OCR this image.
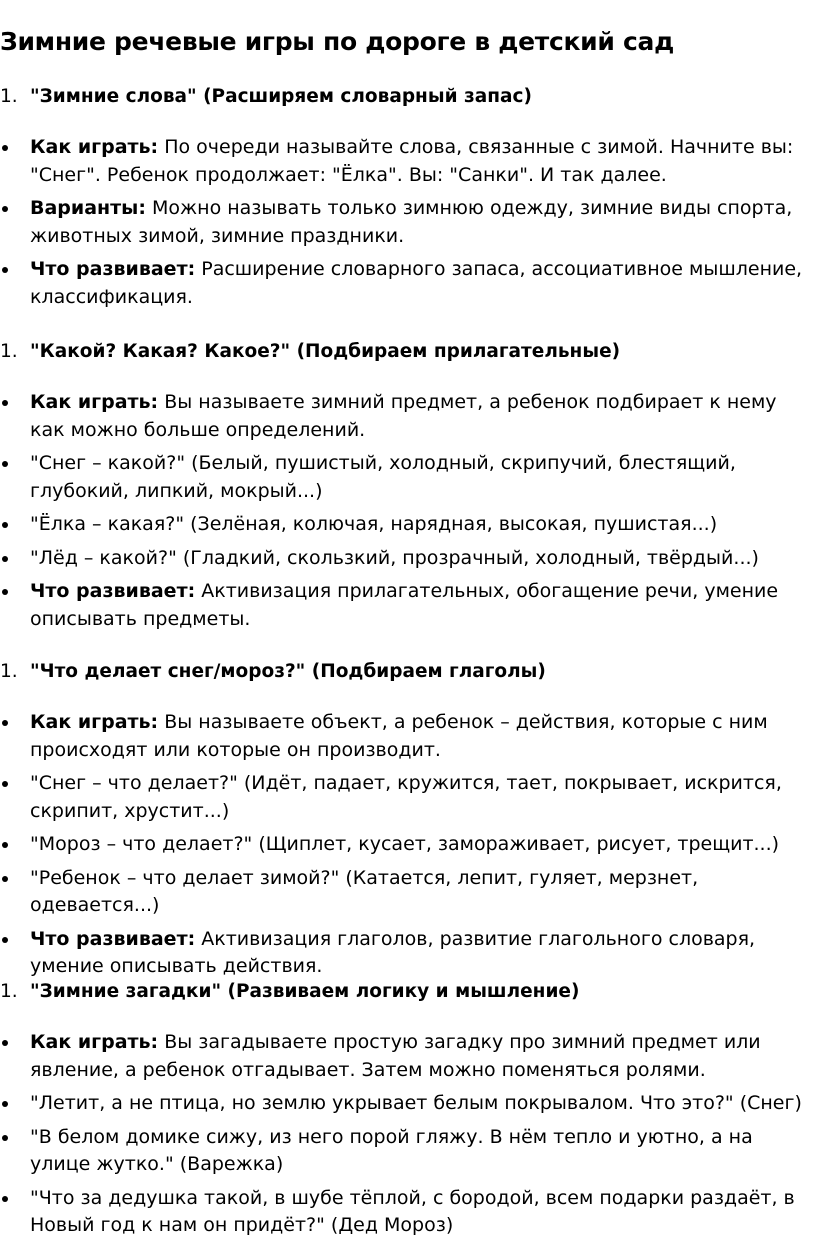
Зимние речевые игры по дороге в детский сад
1. "Зимние слова" (Расширяем словарный запас)
Как играть: По очереди называйте слова, связанные с зимой. Начните вы: "Снег". Ребенок продолжает: "Ёлка". Вы: "Санки". И так далее.
Варианты: Можно называть только зимнюю одежду, зимние виды спорта, животных зимой, зимние праздники.
Что развивает: Расширение словарного запаса, ассоциативное мышление, классификация.
1. "Какой? Какая? Какое?" (Подбираем прилагательные)
Как играть: Вы называете зимний предмет, а ребенок подбирает к нему как можно больше определений.
"Снег – какой?" (Белый, пушистый, холодный, скрипучий, блестящий, глубокий, липкий, мокрый...)
"Ёлка – какая?" (Зелёная, колючая, нарядная, высокая, пушистая...)
"Лёд – какой?" (Гладкий, скользкий, прозрачный, холодный, твёрдый...)
Что развивает: Активизация прилагательных, обогащение речи, умение описывать предметы.
1. "Что делает снег/мороз?" (Подбираем глаголы)
Как играть: Вы называете объект, а ребенок – действия, которые с ним происходят или которые он производит.
"Снег – что делает?" (Идёт, падает, кружится, тает, покрывает, искрится, скрипит, хрустит...)
"Мороз – что делает?" (Щиплет, кусает, замораживает, рисует, трещит...)
"Ребенок – что делает зимой?" (Катается, лепит, гуляет, мерзнет, одевается...)
Что развивает: Активизация глаголов, развитие глагольного словаря, умение описывать действия.
1. "Зимние загадки" (Развиваем логику и мышление)
Как играть: Вы загадываете простую загадку про зимний предмет или явление, а ребенок отгадывает. Затем можно поменяться ролями.
"Летит, а не птица, но землю укрывает белым покрывалом. Что это?" (Снег)
"В белом домике сижу, из него порой гляжу. В нём тепло и уютно, а на улице жутко." (Варежка)
"Что за дедушка такой, в шубе тёплой, с бородой, всем подарки раздаёт, в Новый год к нам он придёт?" (Дед Мороз)
